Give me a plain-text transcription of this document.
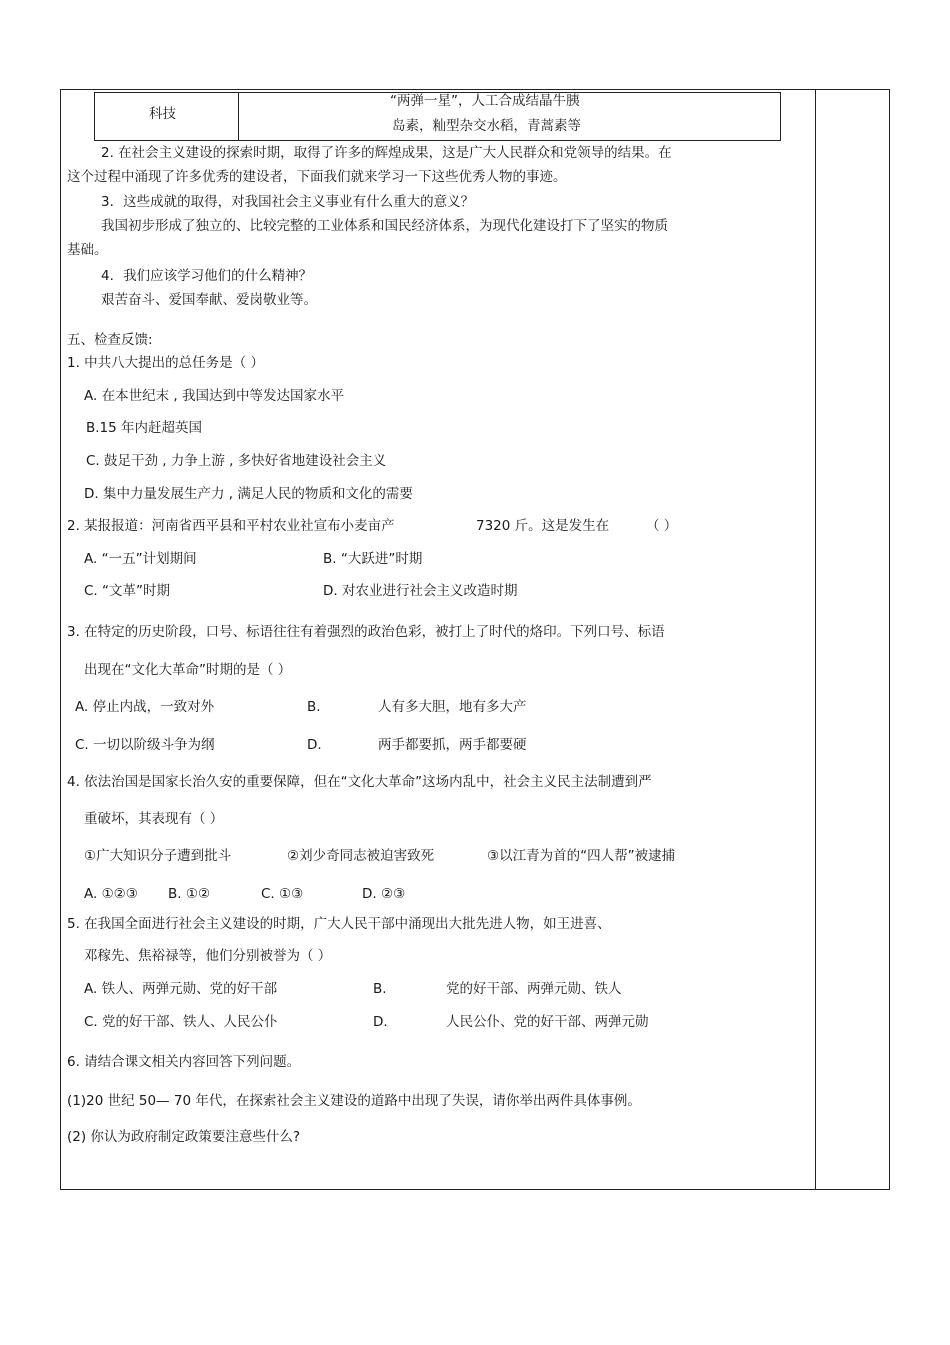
科技
“两弹一星”，人工合成结晶牛胰
岛素，籼型杂交水稻，青蒿素等
2. 在社会主义建设的探索时期，取得了许多的辉煌成果，这是广大人民群众和党领导的结果。在
这个过程中涌现了许多优秀的建设者，下面我们就来学习一下这些优秀人物的事迹。
3．这些成就的取得，对我国社会主义事业有什么重大的意义？
我国初步形成了独立的、比较完整的工业体系和国民经济体系，为现代化建设打下了坚实的物质
基础。
4．我们应该学习他们的什么精神？
艰苦奋斗、爱国奉献、爱岗敬业等。
五、检查反馈:
1. 中共八大提出的总任务是（ ）
A. 在本世纪末 , 我国达到中等发达国家水平
B.15 年内赶超英国
C. 鼓足干劲 , 力争上游 , 多快好省地建设社会主义
D. 集中力量发展生产力 , 满足人民的物质和文化的需要
2. 某报报道：河南省西平县和平村农业社宣布小麦亩产	7320 斤。这是发生在	（ ）
A. “一五”计划期间	B. “大跃进”时期
C. “文革”时期	D. 对农业进行社会主义改造时期
3. 在特定的历史阶段，口号、标语往往有着强烈的政治色彩，被打上了时代的烙印。下列口号、标语
出现在“文化大革命”时期的是（ ）
A. 停止内战，一致对外	B.	人有多大胆，地有多大产
C. 一切以阶级斗争为纲	D.	两手都要抓，两手都要硬
4. 依法治国是国家长治久安的重要保障，但在“文化大革命”这场内乱中，社会主义民主法制遭到严
重破坏，其表现有（ ）
①广大知识分子遭到批斗	②刘少奇同志被迫害致死	③以江青为首的“四人帮”被逮捕
A. ①②③ B. ①②	C. ①③	D. ②③
5. 在我国全面进行社会主义建设的时期，广大人民干部中涌现出大批先进人物，如王进喜、
邓稼先、焦裕禄等，他们分别被誉为（ ）
A. 铁人、两弹元勋、党的好干部	B.	党的好干部、两弹元勋、铁人
C. 党的好干部、铁人、人民公仆	D.	人民公仆、党的好干部、两弹元勋
6. 请结合课文相关内容回答下列问题。
(1)20 世纪 50— 70 年代，在探索社会主义建设的道路中出现了失误，请你举出两件具体事例。
(2) 你认为政府制定政策要注意些什么?
